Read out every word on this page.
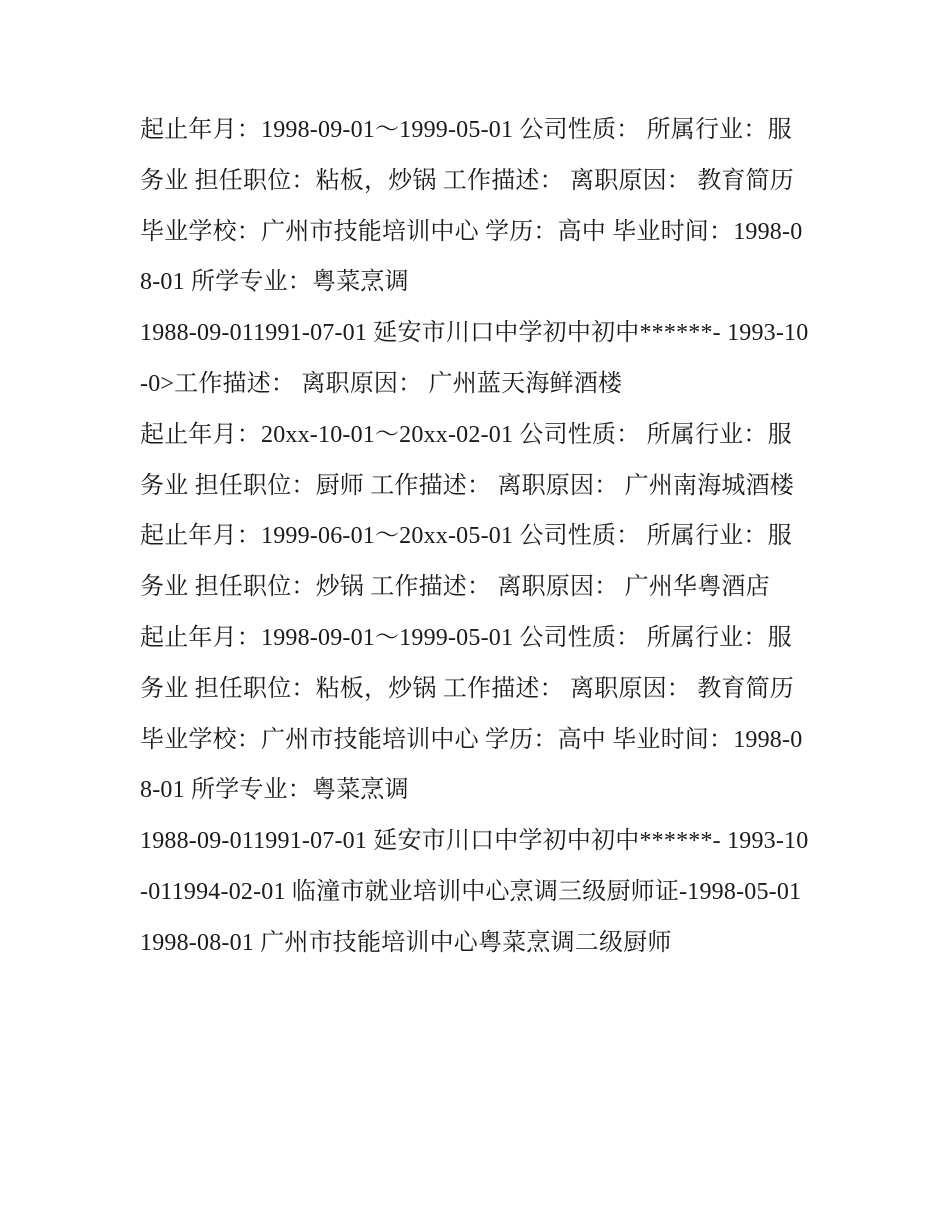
起止年月：1998-09-01～1999-05-01 公司性质： 所属行业：服务业 担任职位：粘板，炒锅 工作描述： 离职原因： 教育简历

毕业学校：广州市技能培训中心 学历：高中 毕业时间：1998-08-01 所学专业：粤菜烹调

1988-09-011991-07-01 延安市川口中学初中初中******- 1993-10-0>工作描述： 离职原因： 广州蓝天海鲜酒楼

起止年月：20xx-10-01～20xx-02-01 公司性质： 所属行业：服务业 担任职位：厨师 工作描述： 离职原因： 广州南海城酒楼

起止年月：1999-06-01～20xx-05-01 公司性质： 所属行业：服务业 担任职位：炒锅 工作描述： 离职原因： 广州华粤酒店

起止年月：1998-09-01～1999-05-01 公司性质： 所属行业：服务业 担任职位：粘板，炒锅 工作描述： 离职原因： 教育简历

毕业学校：广州市技能培训中心 学历：高中 毕业时间：1998-08-01 所学专业：粤菜烹调

1988-09-011991-07-01 延安市川口中学初中初中******- 1993-10-011994-02-01 临潼市就业培训中心烹调三级厨师证-1998-05-011998-08-01 广州市技能培训中心粤菜烹调二级厨师
